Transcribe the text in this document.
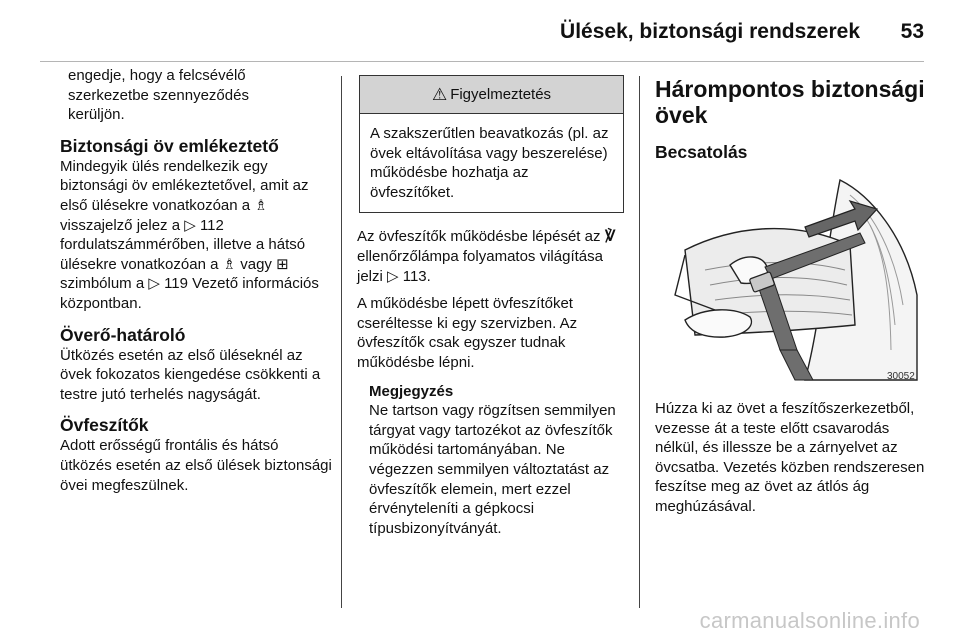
Ülések, biztonsági rendszerek 53
engedje, hogy a felcsévélő
szerkezetbe szennyeződés
kerüljön.
Biztonsági öv emlékeztető

Mindegyik ülés rendelkezik egy biztonsági öv emlékeztetővel, amit az első ülésekre vonatkozóan a ♗ visszajelző jelez a ▷ 112 fordulatszámmérőben, illetve a hátsó ülésekre vonatkozóan a ♗ vagy ⊞ szimbólum a ▷ 119 Vezető információs központban.

Överő-határoló

Ütközés esetén az első üléseknél az övek fokozatos kiengedése csökkenti a testre jutó terhelés nagyságát.

Övfeszítők

Adott erősségű frontális és hátsó ütközés esetén az első ülések biztonsági övei megfeszülnek.

⚠ Figyelmeztetés
A szakszerűtlen beavatkozás (pl. az övek eltávolítása vagy beszerelése) működésbe hozhatja az övfeszítőket.

Az övfeszítők működésbe lépését az ℣ ellenőrzőlámpa folyamatos világítása jelzi ▷ 113.

A működésbe lépett övfeszítőket cseréltesse ki egy szervizben. Az övfeszítők csak egyszer tudnak működésbe lépni.

Megjegyzés

Ne tartson vagy rögzítsen semmilyen tárgyat vagy tartozékot az övfeszítők működési tartományában. Ne végezzen semmilyen változtatást az övfeszítők elemein, mert ezzel érvényteleníti a gépkocsi típusbizonyítványát.

Hárompontos biztonsági övek
Becsatolás
30052

Húzza ki az övet a feszítőszerkezetből, vezesse át a teste előtt csavarodás nélkül, és illessze be a zárnyelvet az övcsatba. Vezetés közben rendszeresen feszítse meg az övet az átlós ág meghúzásával.

carmanualsonline.info
